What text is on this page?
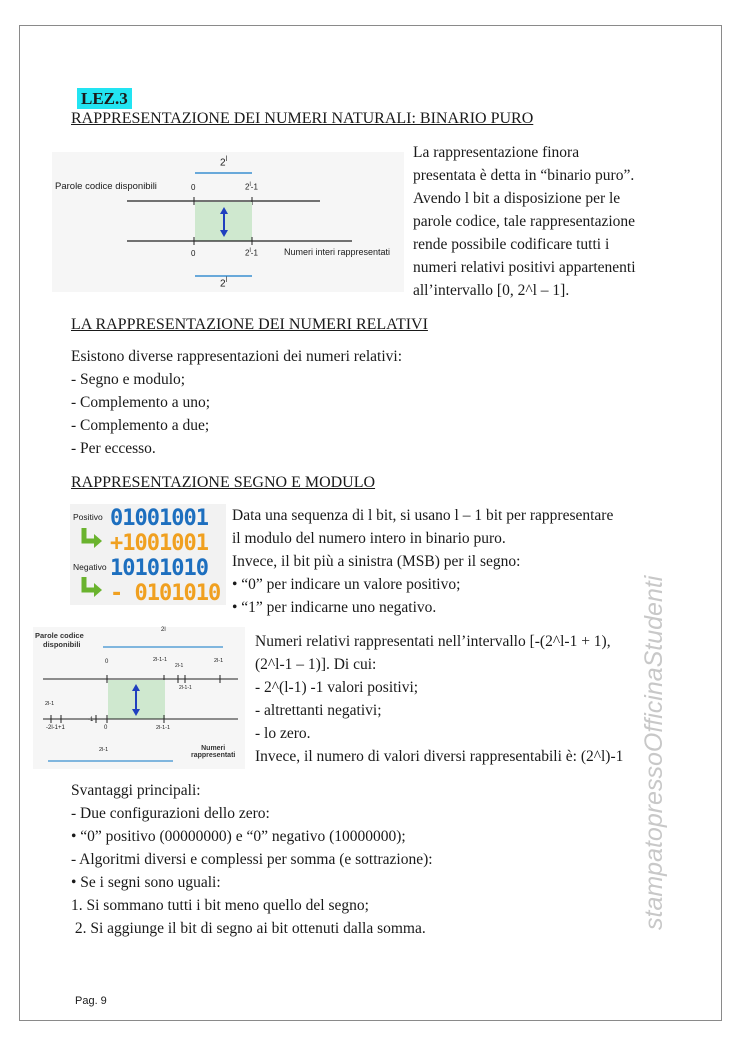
LEZ.3
RAPPRESENTAZIONE DEI NUMERI NATURALI: BINARIO PURO
2$^l$
Parole codice disponibili	0	2$^l$-1
0	2$^l$-1	Numeri interi rappresentati
2$^l$
La rappresentazione finora
presentata è detta in “binario puro”.
Avendo l bit a disposizione per le
parole codice, tale rappresentazione
rende possibile codificare tutti i
numeri relativi positivi appartenenti
all’intervallo [0, 2^l – 1].
LA RAPPRESENTAZIONE DEI NUMERI RELATIVI
Esistono diverse rappresentazioni dei numeri relativi:
- Segno e modulo;
- Complemento a uno;
- Complemento a due;
- Per eccesso.
RAPPRESENTAZIONE SEGNO E MODULO
Positivo 01001001
+1001001
Negativo 10101010
- 0101010
Data una sequenza di l bit, si usano l – 1 bit per rappresentare
il modulo del numero intero in binario puro.
Invece, il bit più a sinistra (MSB) per il segno:
• “0” per indicare un valore positivo;
• “1” per indicarne uno negativo.
Parole codice
disponibili
2l
0	2l-1-1
2l-1
2l-1
2l-1-1
2l-1
-2l-1+1
-1
0	2l-1-1
2l-1	Numeri
rappresentati
Numeri relativi rappresentati nell’intervallo [-(2^l-1 + 1),
(2^l-1 – 1)]. Di cui:
- 2^(l-1) -1 valori positivi;
- altrettanti negativi;
- lo zero.
Invece, il numero di valori diversi rappresentabili è: (2^l)-1
Svantaggi principali:
- Due configurazioni dello zero:
• “0” positivo (00000000) e “0” negativo (10000000);
- Algoritmi diversi e complessi per somma (e sottrazione):
• Se i segni sono uguali:
1. Si sommano tutti i bit meno quello del segno;
2. Si aggiunge il bit di segno ai bit ottenuti dalla somma.	stampatopressoOfficinaStudenti
Pag. 9
